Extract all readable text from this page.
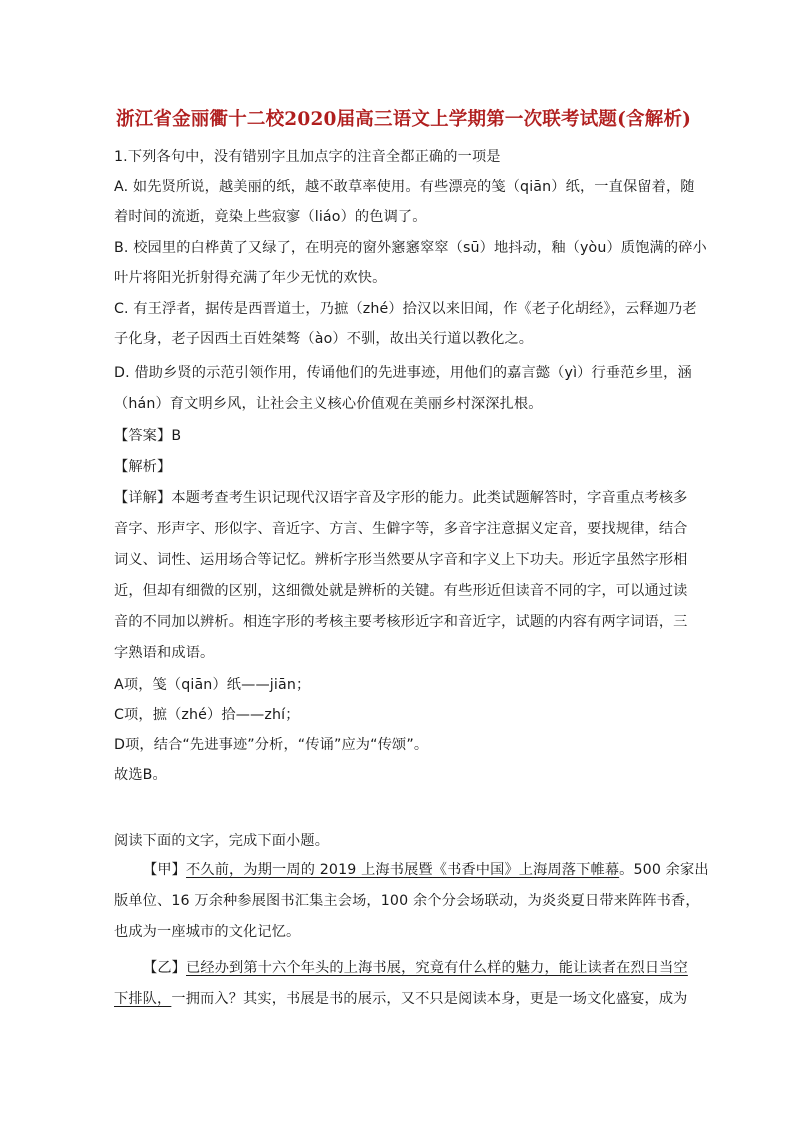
浙江省金丽衢十二校2020届高三语文上学期第一次联考试题(含解析)
1.下列各句中，没有错别字且加点字的注音全都正确的一项是
A. 如先贤所说，越美丽的纸，越不敢草率使用。有些漂亮的笺（qiān）纸，一直保留着，随
着时间的流逝，竟染上些寂寥（liáo）的色调了。
B. 校园里的白桦黄了又绿了，在明亮的窗外窸窸窣窣（sū）地抖动，釉（yòu）质饱满的碎小
叶片将阳光折射得充满了年少无忧的欢快。
C. 有王浮者，据传是西晋道士，乃摭（zhé）拾汉以来旧闻，作《老子化胡经》，云释迦乃老
子化身，老子因西土百姓桀骜（ào）不驯，故出关行道以教化之。
D. 借助乡贤的示范引领作用，传诵他们的先进事迹，用他们的嘉言懿（yì）行垂范乡里，涵
（hán）育文明乡风，让社会主义核心价值观在美丽乡村深深扎根。
【答案】B
【解析】
【详解】本题考查考生识记现代汉语字音及字形的能力。此类试题解答时，字音重点考核多
音字、形声字、形似字、音近字、方言、生僻字等，多音字注意据义定音，要找规律，结合
词义、词性、运用场合等记忆。辨析字形当然要从字音和字义上下功夫。形近字虽然字形相
近，但却有细微的区别，这细微处就是辨析的关键。有些形近但读音不同的字，可以通过读
音的不同加以辨析。相连字形的考核主要考核形近字和音近字，试题的内容有两字词语，三
字熟语和成语。
A项，笺（qiān）纸——jiān；
C项，摭（zhé）拾——zhí；
D项，结合“先进事迹”分析，“传诵”应为“传颂”。
故选B。
阅读下面的文字，完成下面小题。
【甲】不久前，为期一周的 2019 上海书展暨《书香中国》上海周落下帷幕。500 余家出
版单位、16 万余种参展图书汇集主会场，100 余个分会场联动，为炎炎夏日带来阵阵书香，
也成为一座城市的文化记忆。
【乙】已经办到第十六个年头的上海书展，究竟有什么样的魅力，能让读者在烈日当空
下排队，一拥而入？其实，书展是书的展示，又不只是阅读本身，更是一场文化盛宴，成为
